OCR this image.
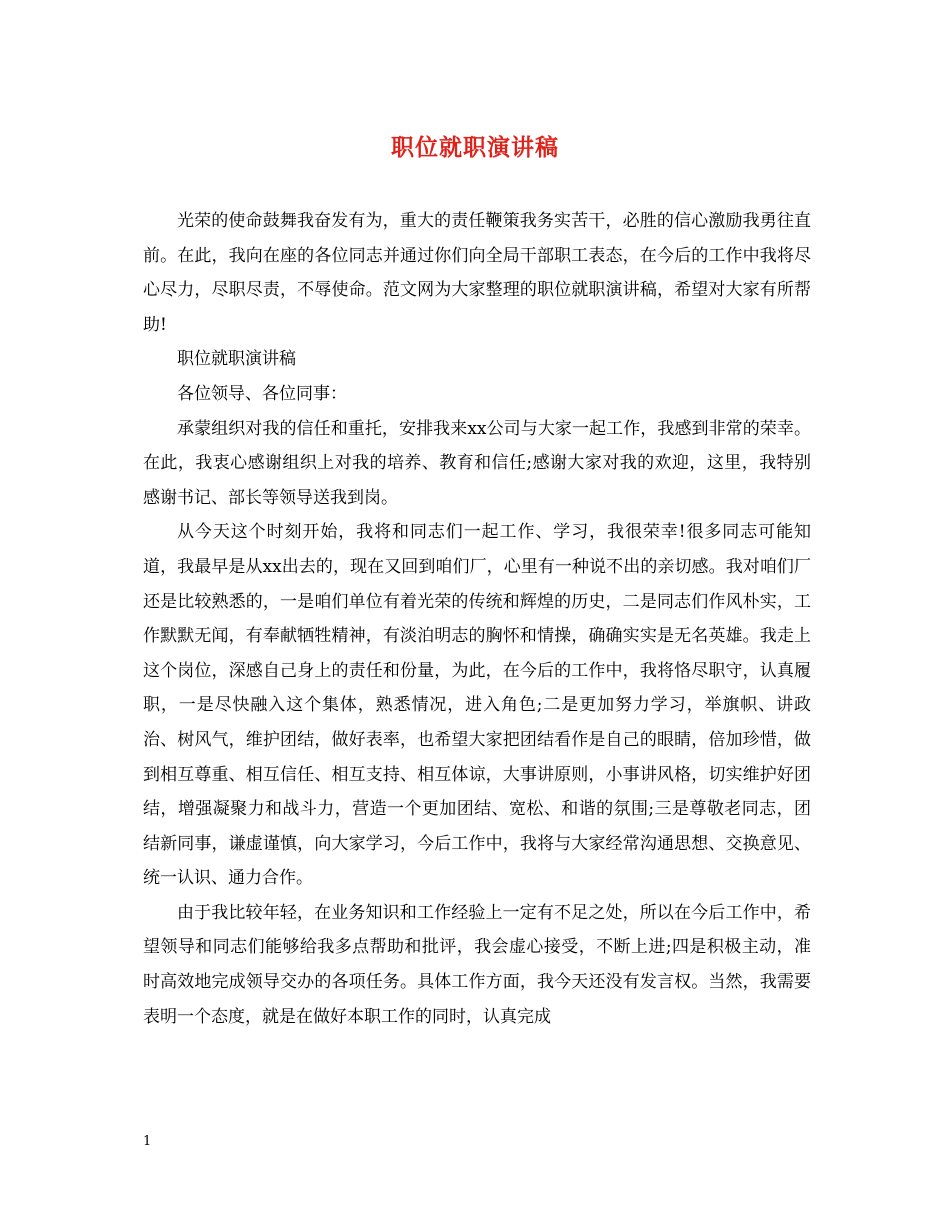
职位就职演讲稿

光荣的使命鼓舞我奋发有为，重大的责任鞭策我务实苦干，必胜的信心激励我勇往直前。在此，我向在座的各位同志并通过你们向全局干部职工表态，在今后的工作中我将尽心尽力，尽职尽责，不辱使命。范文网为大家整理的职位就职演讲稿，希望对大家有所帮助!

职位就职演讲稿

各位领导、各位同事：

承蒙组织对我的信任和重托，安排我来xx公司与大家一起工作，我感到非常的荣幸。在此，我衷心感谢组织上对我的培养、教育和信任;感谢大家对我的欢迎，这里，我特别感谢书记、部长等领导送我到岗。

从今天这个时刻开始，我将和同志们一起工作、学习，我很荣幸!很多同志可能知道，我最早是从xx出去的，现在又回到咱们厂，心里有一种说不出的亲切感。我对咱们厂还是比较熟悉的，一是咱们单位有着光荣的传统和辉煌的历史，二是同志们作风朴实，工作默默无闻，有奉献牺牲精神，有淡泊明志的胸怀和情操，确确实实是无名英雄。我走上这个岗位，深感自己身上的责任和份量，为此，在今后的工作中，我将恪尽职守，认真履职，一是尽快融入这个集体，熟悉情况，进入角色;二是更加努力学习，举旗帜、讲政治、树风气，维护团结，做好表率，也希望大家把团结看作是自己的眼睛，倍加珍惜，做到相互尊重、相互信任、相互支持、相互体谅，大事讲原则，小事讲风格，切实维护好团结，增强凝聚力和战斗力，营造一个更加团结、宽松、和谐的氛围;三是尊敬老同志，团结新同事，谦虚谨慎，向大家学习，今后工作中，我将与大家经常沟通思想、交换意见、统一认识、通力合作。

由于我比较年轻，在业务知识和工作经验上一定有不足之处，所以在今后工作中，希望领导和同志们能够给我多点帮助和批评，我会虚心接受，不断上进;四是积极主动，准时高效地完成领导交办的各项任务。具体工作方面，我今天还没有发言权。当然，我需要表明一个态度，就是在做好本职工作的同时，认真完成

1
